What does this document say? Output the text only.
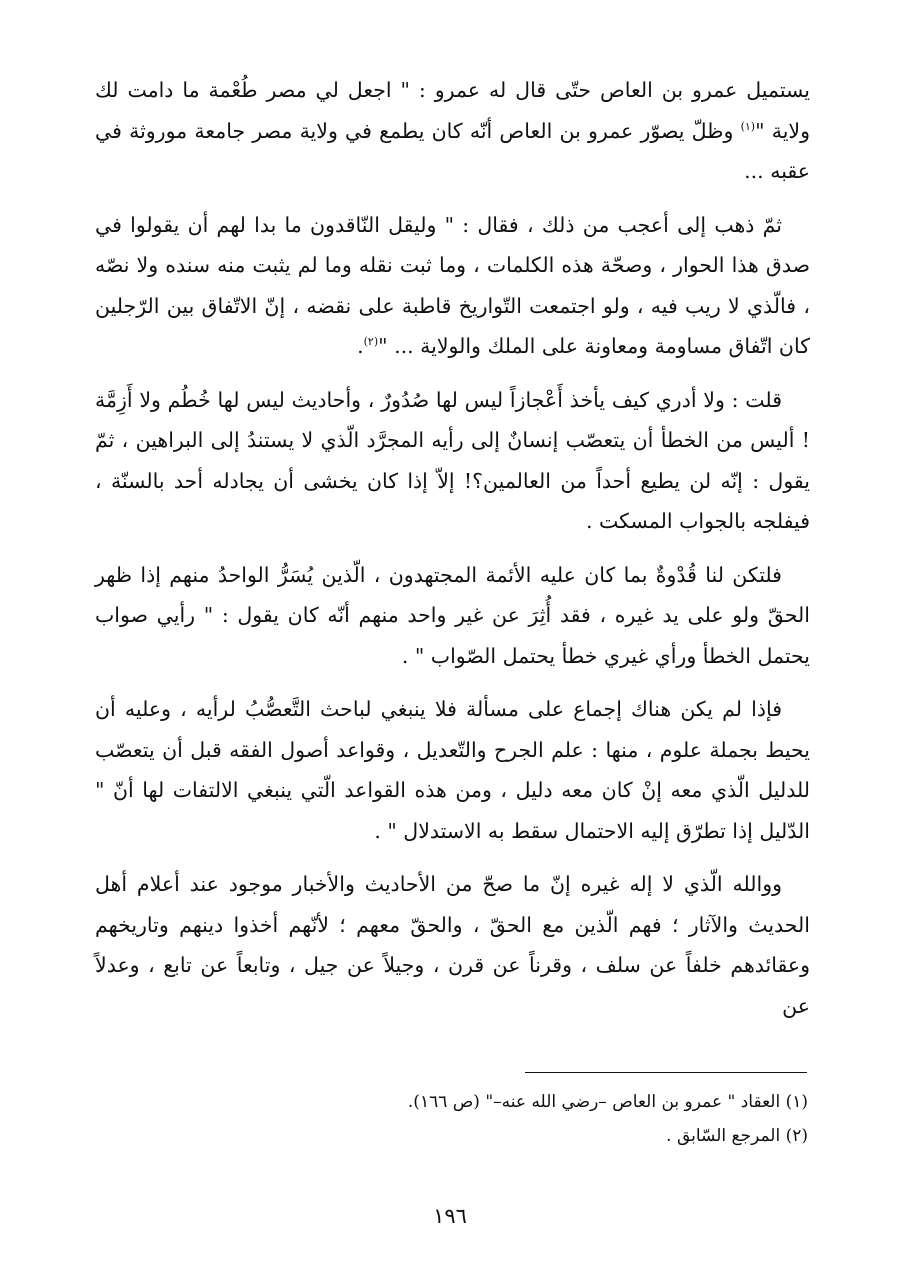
يستميل عمرو بن العاص حتّى قال له عمرو : " اجعل لي مصر طُعْمة ما دامت لك ولاية "$^{(١)}$ وظلّ يصوّر عمرو بن العاص أنّه كان يطمع في ولاية مصر جامعة موروثة في عقبه ...

ثمّ ذهب إلى أعجب من ذلك ، فقال : " وليقل النّاقدون ما بدا لهم أن يقولوا في صدق هذا الحوار ، وصحّة هذه الكلمات ، وما ثبت نقله وما لم يثبت منه سنده ولا نصّه ، فالّذي لا ريب فيه ، ولو اجتمعت التّواريخ قاطبة على نقضه ، إنّ الاتّفاق بين الرّجلين كان اتّفاق مساومة ومعاونة على الملك والولاية ... "$^{(٢)}$.

قلت : ولا أدري كيف يأخذ أَعْجازاً ليس لها صُدُورٌ ، وأحاديث ليس لها خُطُم ولا أَزِمَّة ! أليس من الخطأ أن يتعصّب إنسانٌ إلى رأيه المجرَّد الّذي لا يستندُ إلى البراهين ، ثمّ يقول : إنّه لن يطيع أحداً من العالمين؟! إلاّ إذا كان يخشى أن يجادله أحد بالسنّة ، فيفلجه بالجواب المسكت .

فلتكن لنا قُدْوةٌ بما كان عليه الأئمة المجتهدون ، الّذين يُسَرُّ الواحدُ منهم إذا ظهر الحقّ ولو على يد غيره ، فقد أُثِرَ عن غير واحد منهم أنّه كان يقول : " رأيي صواب يحتمل الخطأ ورأي غيري خطأ يحتمل الصّواب " .

فإذا لم يكن هناك إجماع على مسألة فلا ينبغي لباحث التَّعصُّبُ لرأيه ، وعليه أن يحيط بجملة علوم ، منها : علم الجرح والتّعديل ، وقواعد أصول الفقه قبل أن يتعصّب للدليل الّذي معه إنْ كان معه دليل ، ومن هذه القواعد الّتي ينبغي الالتفات لها أنّ " الدّليل إذا تطرّق إليه الاحتمال سقط به الاستدلال " .

ووالله الّذي لا إله غيره إنّ ما صحّ من الأحاديث والأخبار موجود عند أعلام أهل الحديث والآثار ؛ فهم الّذين مع الحقّ ، والحقّ معهم ؛ لأنّهم أخذوا دينهم وتاريخهم وعقائدهم خلفاً عن سلف ، وقرناً عن قرن ، وجيلاً عن جيل ، وتابعاً عن تابع ، وعدلاً عن

(١) العقاد " عمرو بن العاص –رضي الله عنه–" (ص ١٦٦).

(٢) المرجع السّابق .

١٩٦
